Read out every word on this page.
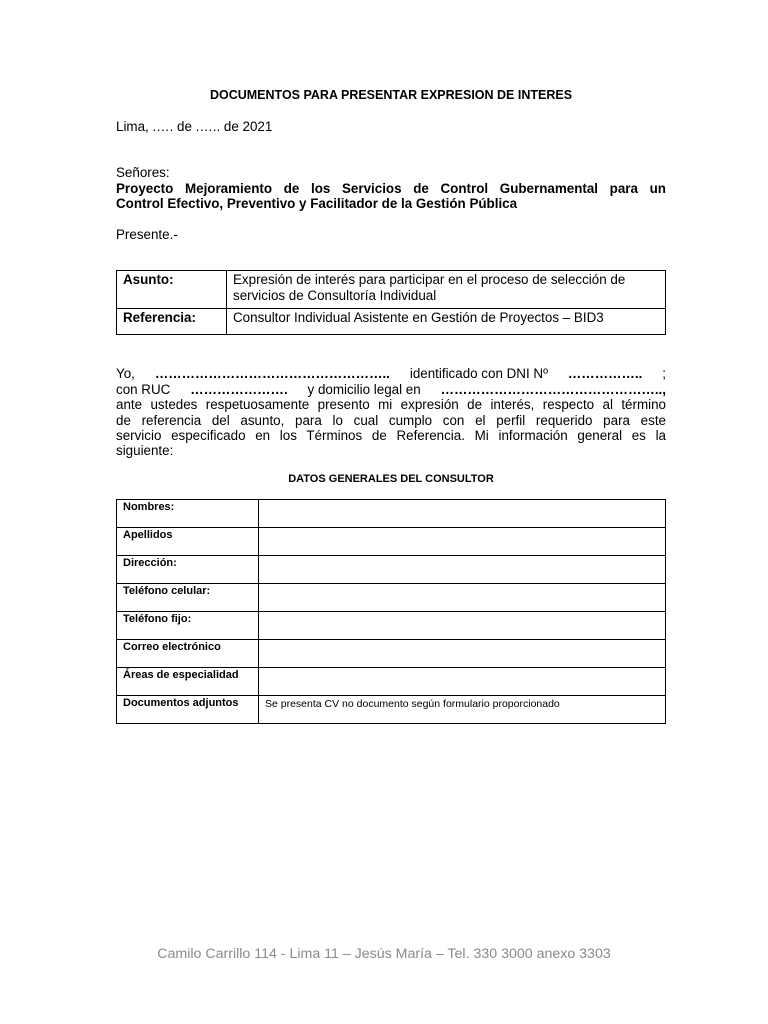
DOCUMENTOS PARA PRESENTAR EXPRESION DE INTERES
Lima, .…. de .….. de 2021
Señores:
Proyecto Mejoramiento de los Servicios de Control Gubernamental para un
Control Efectivo, Preventivo y Facilitador de la Gestión Pública
Presente.-
Asunto:	Expresión de interés para participar en el proceso de selección de servicios de Consultoría Individual
Referencia:	Consultor Individual Asistente en Gestión de Proyectos – BID3
Yo, …………………………………………….. identificado con DNI Nº …………….. ;
con RUC …………………. y domicilio legal en …………………………………………..,
ante ustedes respetuosamente presento mi expresión de interés, respecto al término
de referencia del asunto, para lo cual cumplo con el perfil requerido para este
servicio especificado en los Términos de Referencia. Mi información general es la
siguiente:
DATOS GENERALES DEL CONSULTOR
Nombres:	
Apellidos	
Dirección:	
Teléfono celular:	
Teléfono fijo:	
Correo electrónico	
Áreas de especialidad	
Documentos adjuntos	Se presenta CV no documento según formulario proporcionado
Camilo Carrillo 114 - Lima 11 – Jesús María – Tel. 330 3000 anexo 3303
